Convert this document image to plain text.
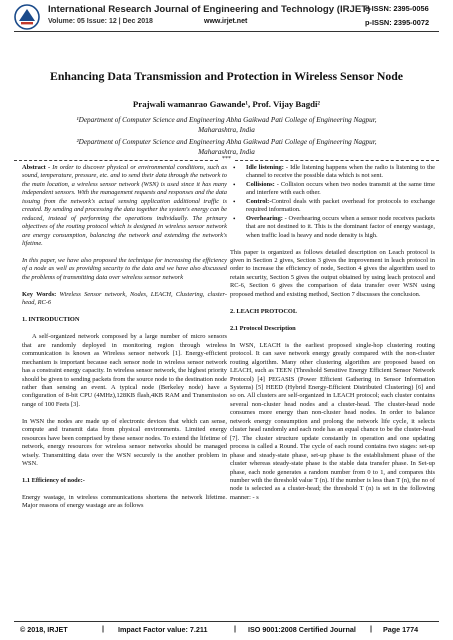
International Research Journal of Engineering and Technology (IRJET)
e-ISSN: 2395-0056
Volume: 05 Issue: 12 | Dec 2018	www.irjet.net	p-ISSN: 2395-0072
Enhancing Data Transmission and Protection in Wireless Sensor Node
Prajwali wamanrao Gawande¹, Prof. Vijay Bagdi²
¹Department of Computer Science and Engineering Abha Gaikwad Pati College of Engineering Nagpur,
Maharashtra, India
²Department of Computer Science and Engineering Abha Gaikwad Pati College of Engineering Nagpur,
Maharashtra, India
***

Abstract - In order to discover physical or environmental conditions, such as sound, temperature, pressure, etc. and to send their data through the network to the main location, a wireless sensor network (WSN) is used since it has many independent sensors. With the management requests and responses and the data issuing from the network's actual sensing application additional traffic is created. By sending and processing the data together the system's energy can be reduced, instead of performing the operations individually. The primary objectives of the routing protocol which is designed in wireless sensor network are energy consumption, balancing the network and extending the network's lifetime.

In this paper, we have also proposed the technique for increasing the efficiency of a node as well as providing security to the data and we have also discussed the problems of transmitting data over wireless sensor network

Key Words: Wireless Sensor network, Nodes, LEACH, Clustering, cluster-head, RC-6

1. INTRODUCTION

A self-organized network composed by a large number of micro sensors that are randomly deployed in monitoring region through wireless communication is known as Wireless sensor network [1]. Energy-efficient mechanism is important because each sensor node in wireless sensor network has a constraint energy capacity. In wireless sensor network, the highest priority should be given to sending packets from the source node to the destination node rather than sensing an event. A typical node (Berkeley node) have a configuration of 8-bit CPU (4MHz),128KB flash,4KB RAM and Transmission range of 100 Feets [3].

In WSN the nodes are made up of electronic devices that which can sense, compute and transmit data from physical environments. Limited energy resources have been comprised by these sensor nodes. To extend the lifetime of network, energy resources for wireless sensor networks should be managed wisely. Transmitting data over the WSN securely is the another problem in WSN.

1.1 Efficiency of node:-

Energy wastage, in wireless communications shortens the network lifetime. Major reasons of energy wastage are as follows

• Idle listening: - Idle listening happens when the radio is listening to the channel to receive the possible data which is not sent.
• Collisions: - Collision occurs when two nodes transmit at the same time and interfere with each other.
• Control:-Control deals with packet overhead for protocols to exchange required information.
• Overhearing: - Overhearing occurs when a sensor node receives packets that are not destined to it. This is the dominant factor of energy wastage, when traffic load is heavy and node density is high.

This paper is organized as follows detailed description on Leach protocol is given in Section 2 gives, Section 3 gives the improvement in leach protocol in order to increase the efficiency of node, Section 4 gives the algorithm used to retain security, Section 5 gives the output obtained by using leach protocol and RC-6, Section 6 gives the comparison of data transfer over WSN using proposed method and existing method, Section 7 discusses the conclusion.

2. LEACH PROTOCOL
2.1 Protocol Description

In WSN, LEACH is the earliest proposed single-hop clustering routing protocol. It can save network energy greatly compared with the non-cluster routing algorithm. Many other clustering algorithm are proposed based on LEACH, such as TEEN (Threshold Sensitive Energy Efficient Sensor Network Protocol) [4] PEGASIS (Power Efficient Gathering in Sensor Information Systems) [5] HEED (Hybrid Energy-Efficient Distributed Clustering) [6] and so on. All clusters are self-organized in LEACH protocol; each cluster contains several non-cluster head nodes and a cluster-head. The cluster-head node consumes more energy than non-cluster head nodes. In order to balance network energy consumption and prolong the network life cycle, it selects cluster head randomly and each node has an equal chance to be the cluster-head [7]. The cluster structure update constantly in operation and one updating process is called a Round. The cycle of each round contains two stages: set-up phase and steady-state phase, set-up phase is the establishment phase of the cluster whereas steady-state phase is the stable data transfer phase. In Set-up phase, each node generates a random number from 0 to 1, and compares this number with the threshold value T (n). If the number is less than T (n), the no of node is selected as a cluster-head; the threshold T (n) is set in the following manner: - s

© 2018, IRJET	| Impact Factor value: 7.211	| ISO 9001:2008 Certified Journal | Page 1774
